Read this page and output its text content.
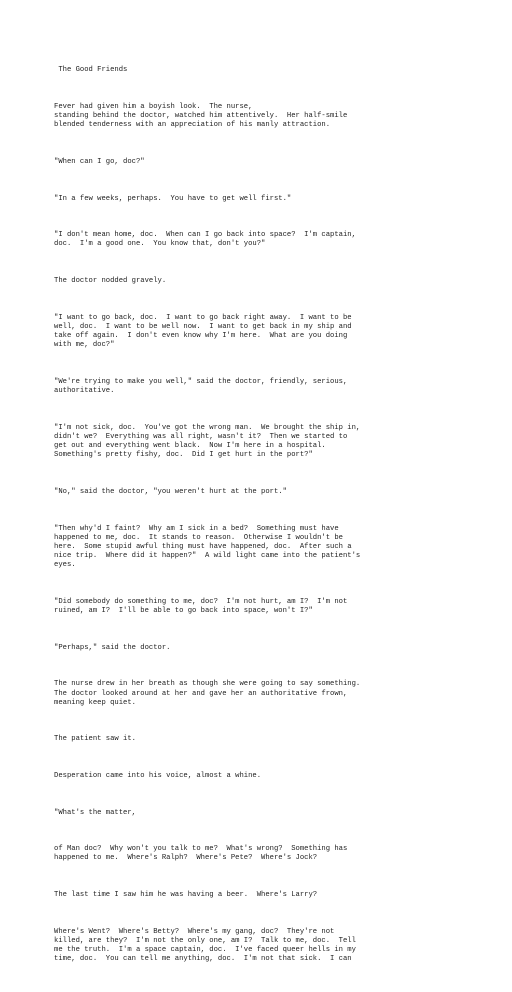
The Good Friends

Fever had given him a boyish look.  The nurse,
standing behind the doctor, watched him attentively.  Her half-smile
blended tenderness with an appreciation of his manly attraction.

"When can I go, doc?"

"In a few weeks, perhaps.  You have to get well first."

"I don't mean home, doc.  When can I go back into space?  I'm captain,
doc.  I'm a good one.  You know that, don't you?"

The doctor nodded gravely.

"I want to go back, doc.  I want to go back right away.  I want to be
well, doc.  I want to be well now.  I want to get back in my ship and
take off again.  I don't even know why I'm here.  What are you doing
with me, doc?"

"We're trying to make you well," said the doctor, friendly, serious,
authoritative.

"I'm not sick, doc.  You've got the wrong man.  We brought the ship in,
didn't we?  Everything was all right, wasn't it?  Then we started to
get out and everything went black.  Now I'm here in a hospital.
Something's pretty fishy, doc.  Did I get hurt in the port?"

"No," said the doctor, "you weren't hurt at the port."

"Then why'd I faint?  Why am I sick in a bed?  Something must have
happened to me, doc.  It stands to reason.  Otherwise I wouldn't be
here.  Some stupid awful thing must have happened, doc.  After such a
nice trip.  Where did it happen?"  A wild light came into the patient's
eyes.

"Did somebody do something to me, doc?  I'm not hurt, am I?  I'm not
ruined, am I?  I'll be able to go back into space, won't I?"

"Perhaps," said the doctor.

The nurse drew in her breath as though she were going to say something.
The doctor looked around at her and gave her an authoritative frown,
meaning keep quiet.

The patient saw it.

Desperation came into his voice, almost a whine.

"What's the matter,

of Man doc?  Why won't you talk to me?  What's wrong?  Something has
happened to me.  Where's Ralph?  Where's Pete?  Where's Jock?

The last time I saw him he was having a beer.  Where's Larry?

Where's Went?  Where's Betty?  Where's my gang, doc?  They're not
killed, are they?  I'm not the only one, am I?  Talk to me, doc.  Tell
me the truth.  I'm a space captain, doc.  I've faced queer hells in my
time, doc.  You can tell me anything, doc.  I'm not that sick.  I can
